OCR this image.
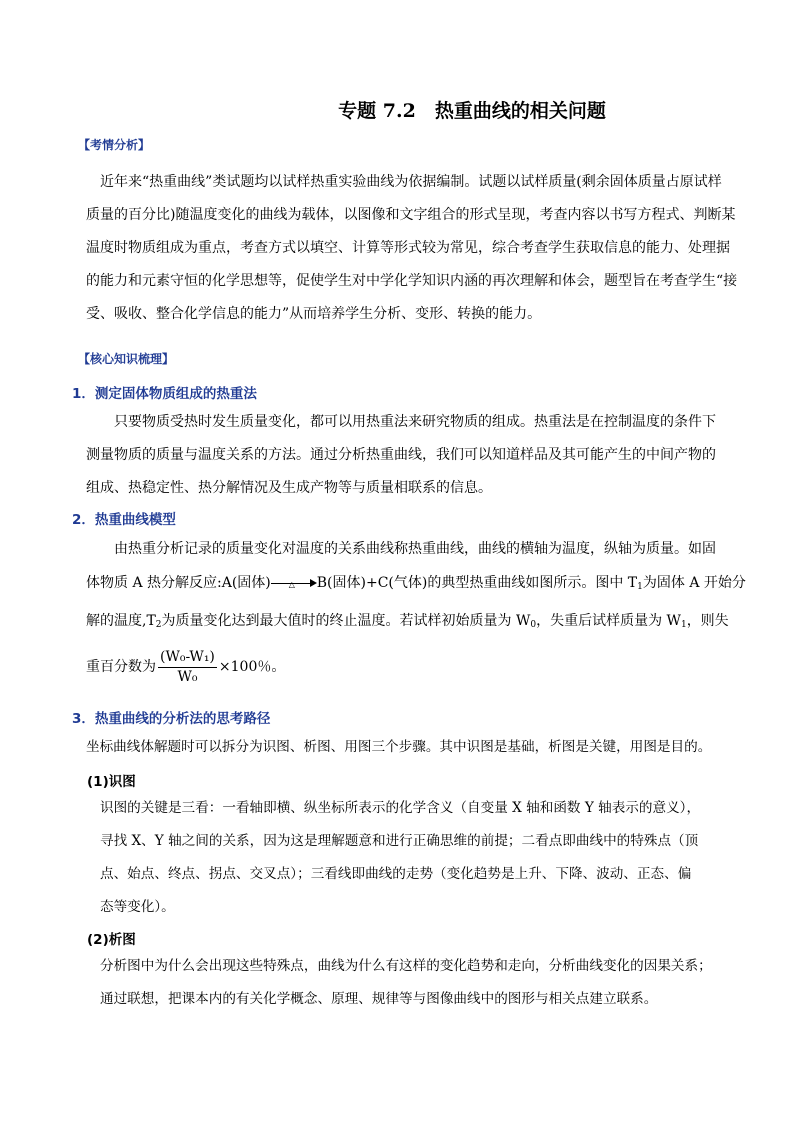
专题 7.2　热重曲线的相关问题
【考情分析】
近年来“热重曲线”类试题均以试样热重实验曲线为依据编制。试题以试样质量(剩余固体质量占原试样
质量的百分比)随温度变化的曲线为载体，以图像和文字组合的形式呈现，考查内容以书写方程式、判断某
温度时物质组成为重点，考查方式以填空、计算等形式较为常见，综合考查学生获取信息的能力、处理据
的能力和元素守恒的化学思想等，促使学生对中学化学知识内涵的再次理解和体会，题型旨在考查学生“接
受、吸收、整合化学信息的能力”从而培养学生分析、变形、转换的能力。
【核心知识梳理】
1．测定固体物质组成的热重法
只要物质受热时发生质量变化，都可以用热重法来研究物质的组成。热重法是在控制温度的条件下
测量物质的质量与温度关系的方法。通过分析热重曲线，我们可以知道样品及其可能产生的中间产物的
组成、热稳定性、热分解情况及生成产物等与质量相联系的信息。
2．热重曲线模型
由热重分析记录的质量变化对温度的关系曲线称热重曲线，曲线的横轴为温度，纵轴为质量。如固
体物质 A 热分解反应:A(固体) △ B(固体)+C(气体)的典型热重曲线如图所示。图中 $T_1$为固体 A 开始分
解的温度$,T_2$为质量变化达到最大值时的终止温度。若试样初始质量为 $W_0$，失重后试样质量为 $W_1$，则失
重百分数为 $\frac{\text{(W₀-W₁)}}{\text{W₀}} \times 100$％。
3．热重曲线的分析法的思考路径
坐标曲线体解题时可以拆分为识图、析图、用图三个步骤。其中识图是基础，析图是关键，用图是目的。
(1)识图
识图的关键是三看：一看轴即横、纵坐标所表示的化学含义（自变量 X 轴和函数 Y 轴表示的意义），
寻找 X、Y 轴之间的关系，因为这是理解题意和进行正确思维的前提；二看点即曲线中的特殊点（顶
点、始点、终点、拐点、交叉点）；三看线即曲线的走势（变化趋势是上升、下降、波动、正态、偏
态等变化）。
(2)析图
分析图中为什么会出现这些特殊点，曲线为什么有这样的变化趋势和走向，分析曲线变化的因果关系；
通过联想，把课本内的有关化学概念、原理、规律等与图像曲线中的图形与相关点建立联系。
